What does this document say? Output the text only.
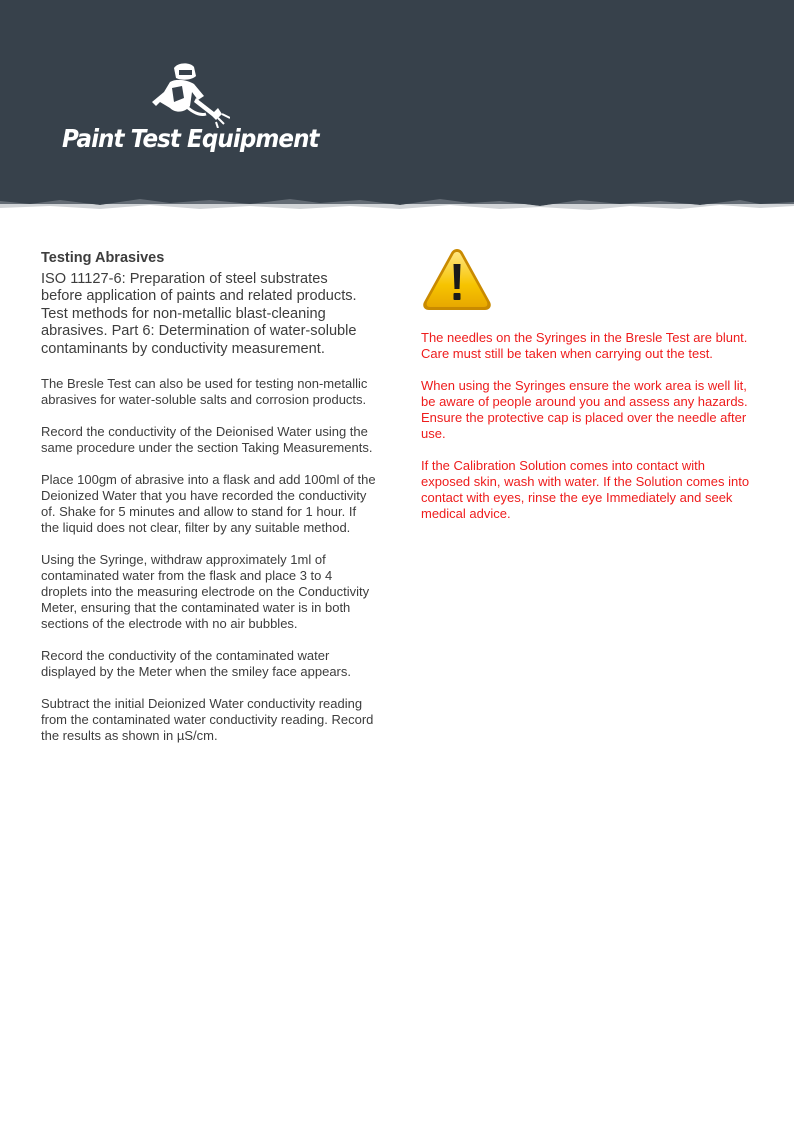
Paint Test Equipment
Testing Abrasives
ISO 11127-6: Preparation of steel substrates before application of paints and related products. Test methods for non-metallic blast-cleaning abrasives. Part 6: Determination of water-soluble contaminants by conductivity measurement.

The Bresle Test can also be used for testing non-metallic abrasives for water-soluble salts and corrosion products.

Record the conductivity of the Deionised Water using the same procedure under the section Taking Measurements.

Place 100gm of abrasive into a flask and add 100ml of the Deionized Water that you have recorded the conductivity of. Shake for 5 minutes and allow to stand for 1 hour. If the liquid does not clear, filter by any suitable method.

Using the Syringe, withdraw approximately 1ml of contaminated water from the flask and place 3 to 4 droplets into the measuring electrode on the Conductivity Meter, ensuring that the contaminated water is in both sections of the electrode with no air bubbles.

Record the conductivity of the contaminated water displayed by the Meter when the smiley face appears.

Subtract the initial Deionized Water conductivity reading from the contaminated water conductivity reading. Record the results as shown in µS/cm.

The needles on the Syringes in the Bresle Test are blunt. Care must still be taken when carrying out the test.

When using the Syringes ensure the work area is well lit, be aware of people around you and assess any hazards. Ensure the protective cap is placed over the needle after use.

If the Calibration Solution comes into contact with exposed skin, wash with water. If the Solution comes into contact with eyes, rinse the eye Immediately and seek medical advice.
